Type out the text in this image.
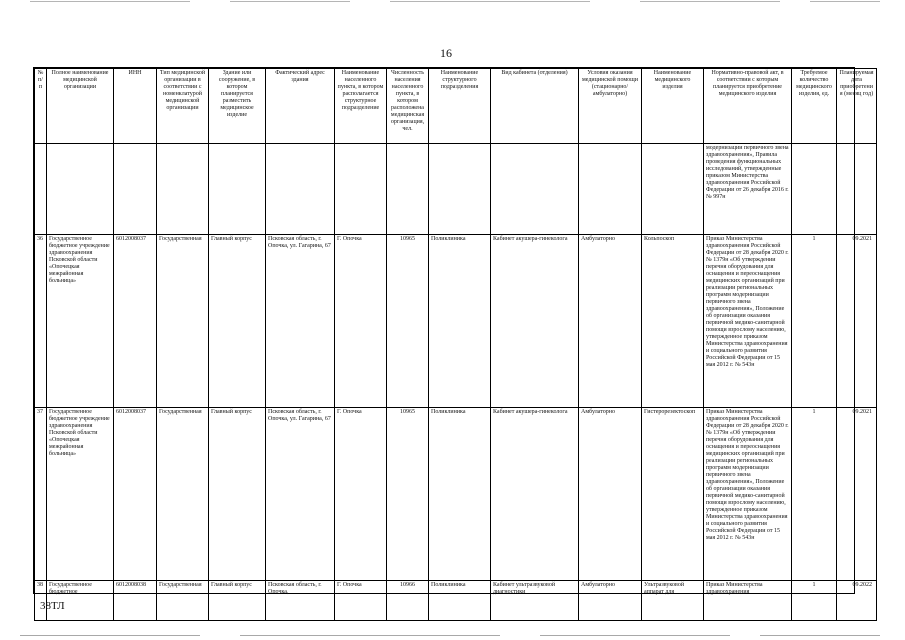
16
№ п/п	Полное наименование медицинской организации	ИНН	Тип медицинской организации в соответствии с номенклатурой медицинской организации	Здание или сооружение, в котором планируется разместить медицинское изделие	Фактический адрес здания	Наименование населенного пункта, в котором располагается структурное подразделение	Численность населения населенного пункта, в котором расположена медицинская организация, чел.	Наименование структурного подразделения	Вид кабинета (отделения)	Условия оказания медицинской помощи (стационарно/ амбулаторно)	Наименование медицинского изделия	Нормативно-правовой акт, в соответствии с которым планируется приобретение медицинского изделия	Требуемое количество медицинского изделия, ед.	Планируемая дата приобретения (месяц год)
												модернизации первичного звена здравоохранения», Правила проведения функциональных исследований, утвержденные приказом Министерства здравоохранения Российской Федерации от 26 декабря 2016 г. № 997н		
36	Государственное бюджетное учреждение здравоохранения Псковской области «Опочецкая межрайонная больница»	6012008037	Государственная	Главный корпус	Псковская область, г. Опочка, ул. Гагарина, 67	Г. Опочка	10965	Поликлиника	Кабинет акушера-гинеколога	Амбулаторно	Кольпоскоп	Приказ Министерства здравоохранения Российской Федерации от 28 декабря 2020 г. № 1379н «Об утверждении перечня оборудования для оснащения и переоснащения медицинских организаций при реализации региональных программ модернизации первичного звена здравоохранения», Положение об организации оказания первичной медико-санитарной помощи взрослому населению, утвержденное приказом Министерства здравоохранения и социального развития Российской Федерации от 15 мая 2012 г. № 543н	1	09.2021
37	Государственное бюджетное учреждение здравоохранения Псковской области «Опочецкая межрайонная больница»	6012008037	Государственная	Главный корпус	Псковская область, г. Опочка, ул. Гагарина, 67	Г. Опочка	10965	Поликлиника	Кабинет акушера-гинеколога	Амбулаторно	Гистерорезектоскоп	Приказ Министерства здравоохранения Российской Федерации от 28 декабря 2020 г. № 1379н «Об утверждении перечня оборудования для оснащения и переоснащения медицинских организаций при реализации региональных программ модернизации первичного звена здравоохранения», Положение об организации оказания первичной медико-санитарной помощи взрослому населению, утвержденное приказом Министерства здравоохранения и социального развития Российской Федерации от 15 мая 2012 г. № 543н	1	09.2021
38	Государственное бюджетное	6012008038	Государственная	Главный корпус	Псковская область, г. Опочка,	Г. Опочка	10966	Поликлиника	Кабинет ультразвуковой диагностики	Амбулаторно	Ультразвуковой аппарат для	Приказ Министерства здравоохранения	1	09.2022
38ТЛ
